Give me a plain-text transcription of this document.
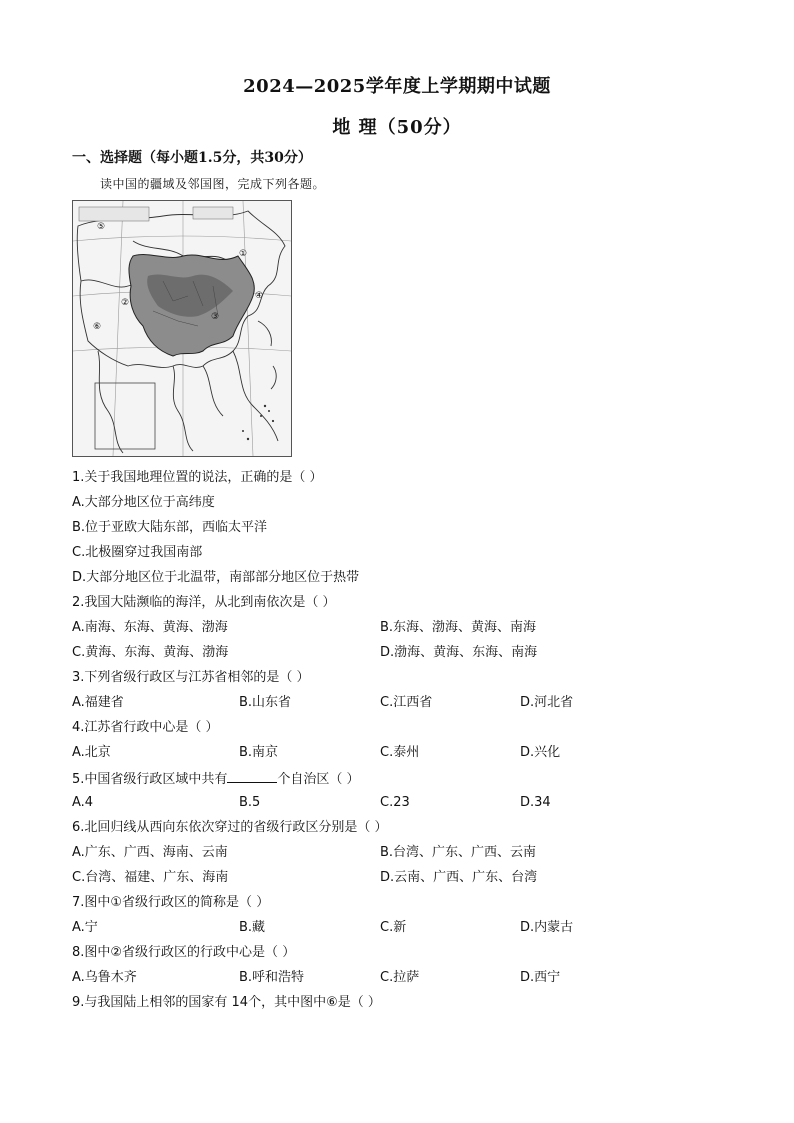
2024—2025学年度上学期期中试题
地 理（50分）
一、选择题（每小题1.5分，共30分）
读中国的疆域及邻国图，完成下列各题。
⑤
①
④
②
⑥
③
1.关于我国地理位置的说法，正确的是（ ）
A.大部分地区位于高纬度
B.位于亚欧大陆东部，西临太平洋
C.北极圈穿过我国南部
D.大部分地区位于北温带，南部部分地区位于热带
2.我国大陆濒临的海洋，从北到南依次是（ ）
A.南海、东海、黄海、渤海	B.东海、渤海、黄海、南海
C.黄海、东海、黄海、渤海	D.渤海、黄海、东海、南海
3.下列省级行政区与江苏省相邻的是（ ）
A.福建省	B.山东省	C.江西省	D.河北省
4.江苏省行政中心是（ ）
A.北京	B.南京	C.泰州	D.兴化
5.中国省级行政区域中共有	个自治区（ ）
A.4	B.5	C.23	D.34
6.北回归线从西向东依次穿过的省级行政区分别是（ ）
A.广东、广西、海南、云南	B.台湾、广东、广西、云南
C.台湾、福建、广东、海南	D.云南、广西、广东、台湾
7.图中①省级行政区的简称是（ ）
A.宁	B.藏	C.新	D.内蒙古
8.图中②省级行政区的行政中心是（ ）
A.乌鲁木齐	B.呼和浩特	C.拉萨	D.西宁
9.与我国陆上相邻的国家有 14个，其中图中⑥是（ ）
